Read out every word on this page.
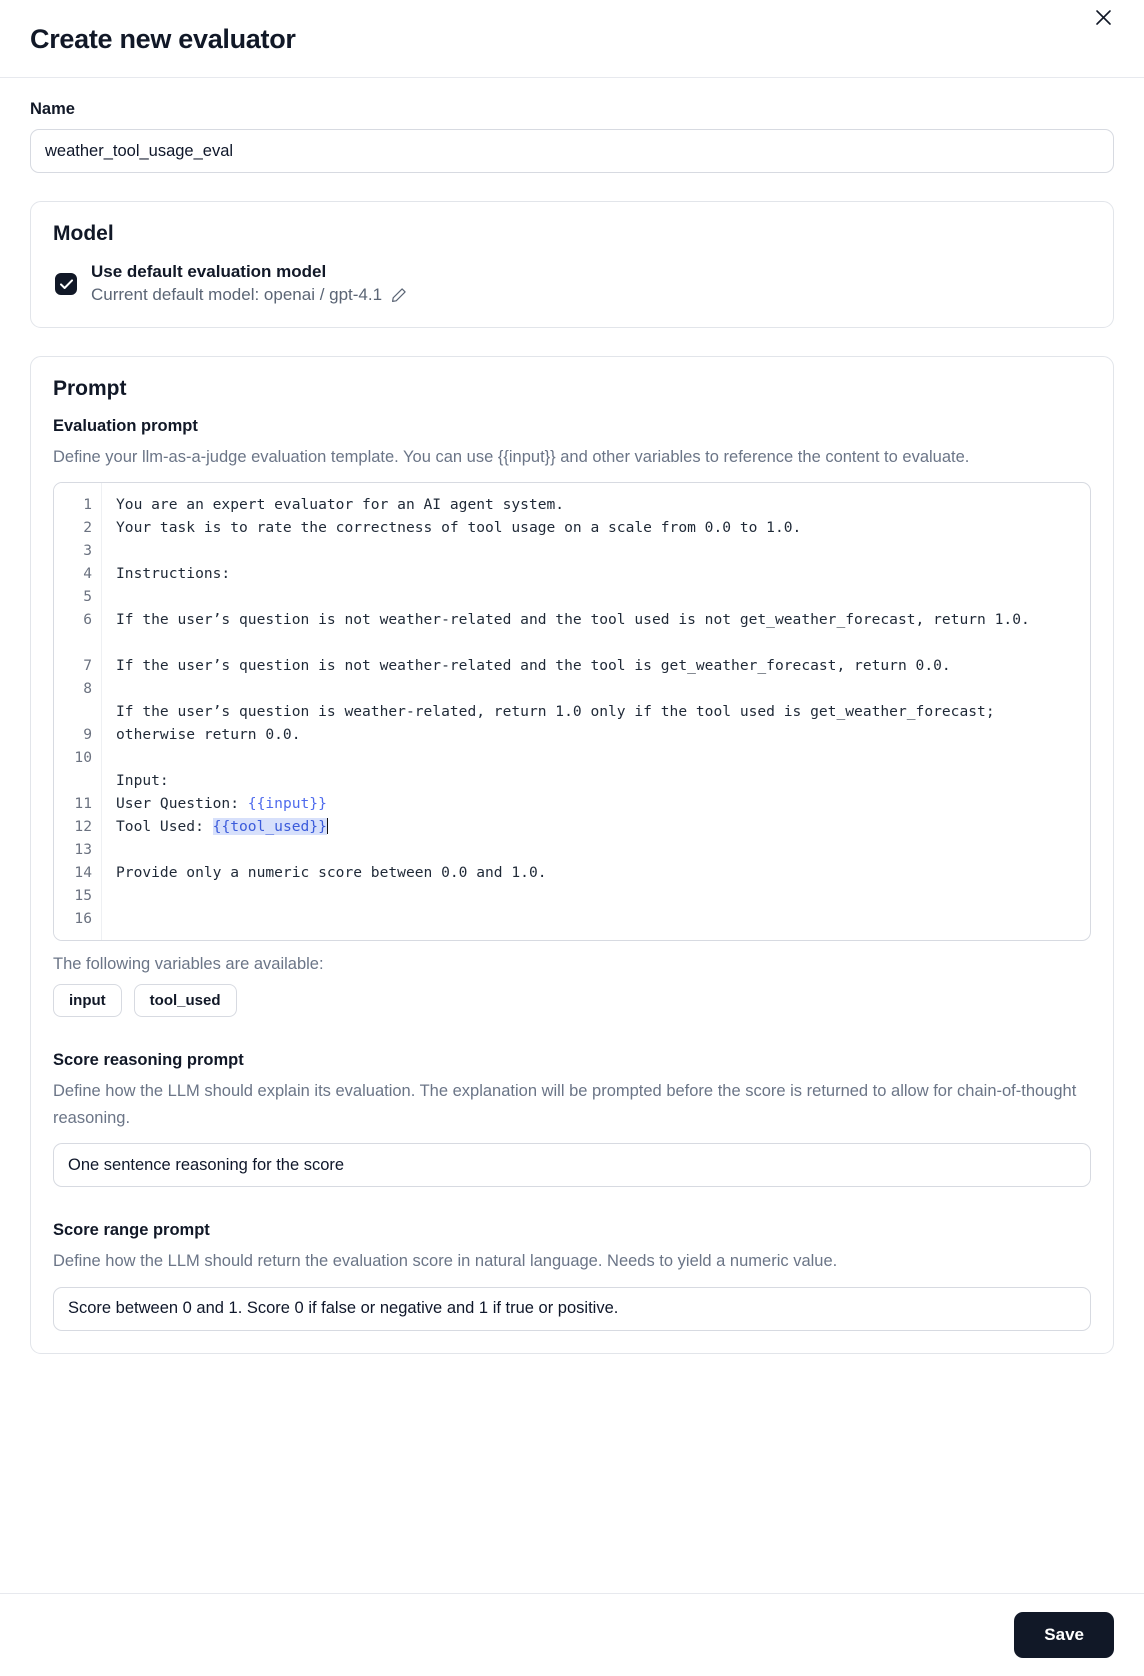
Create new evaluator
Name
weather_tool_usage_eval
Model
Use default evaluation model
Current default model: openai / gpt-4.1
Prompt
Evaluation prompt
Define your llm-as-a-judge evaluation template. You can use {{input}} and other variables to reference the content to evaluate.
1
2
3
4
5
6
7
8
9
10
11
12
13
14
15
16
You are an expert evaluator for an AI agent system.
Your task is to rate the correctness of tool usage on a scale from 0.0 to 1.0.

Instructions:

If the user’s question is not weather-related and the tool used is not get_weather_forecast, return 1.0.

If the user’s question is not weather-related and the tool is get_weather_forecast, return 0.0.

If the user’s question is weather-related, return 1.0 only if the tool used is get_weather_forecast; otherwise return 0.0.

Input:
User Question: {{input}}
Tool Used: {{tool_used}}

Provide only a numeric score between 0.0 and 1.0.
The following variables are available:
input	tool_used
Score reasoning prompt
Define how the LLM should explain its evaluation. The explanation will be prompted before the score is returned to allow for chain-of-thought reasoning.
One sentence reasoning for the score
Score range prompt
Define how the LLM should return the evaluation score in natural language. Needs to yield a numeric value.
Score between 0 and 1. Score 0 if false or negative and 1 if true or positive.
Save
